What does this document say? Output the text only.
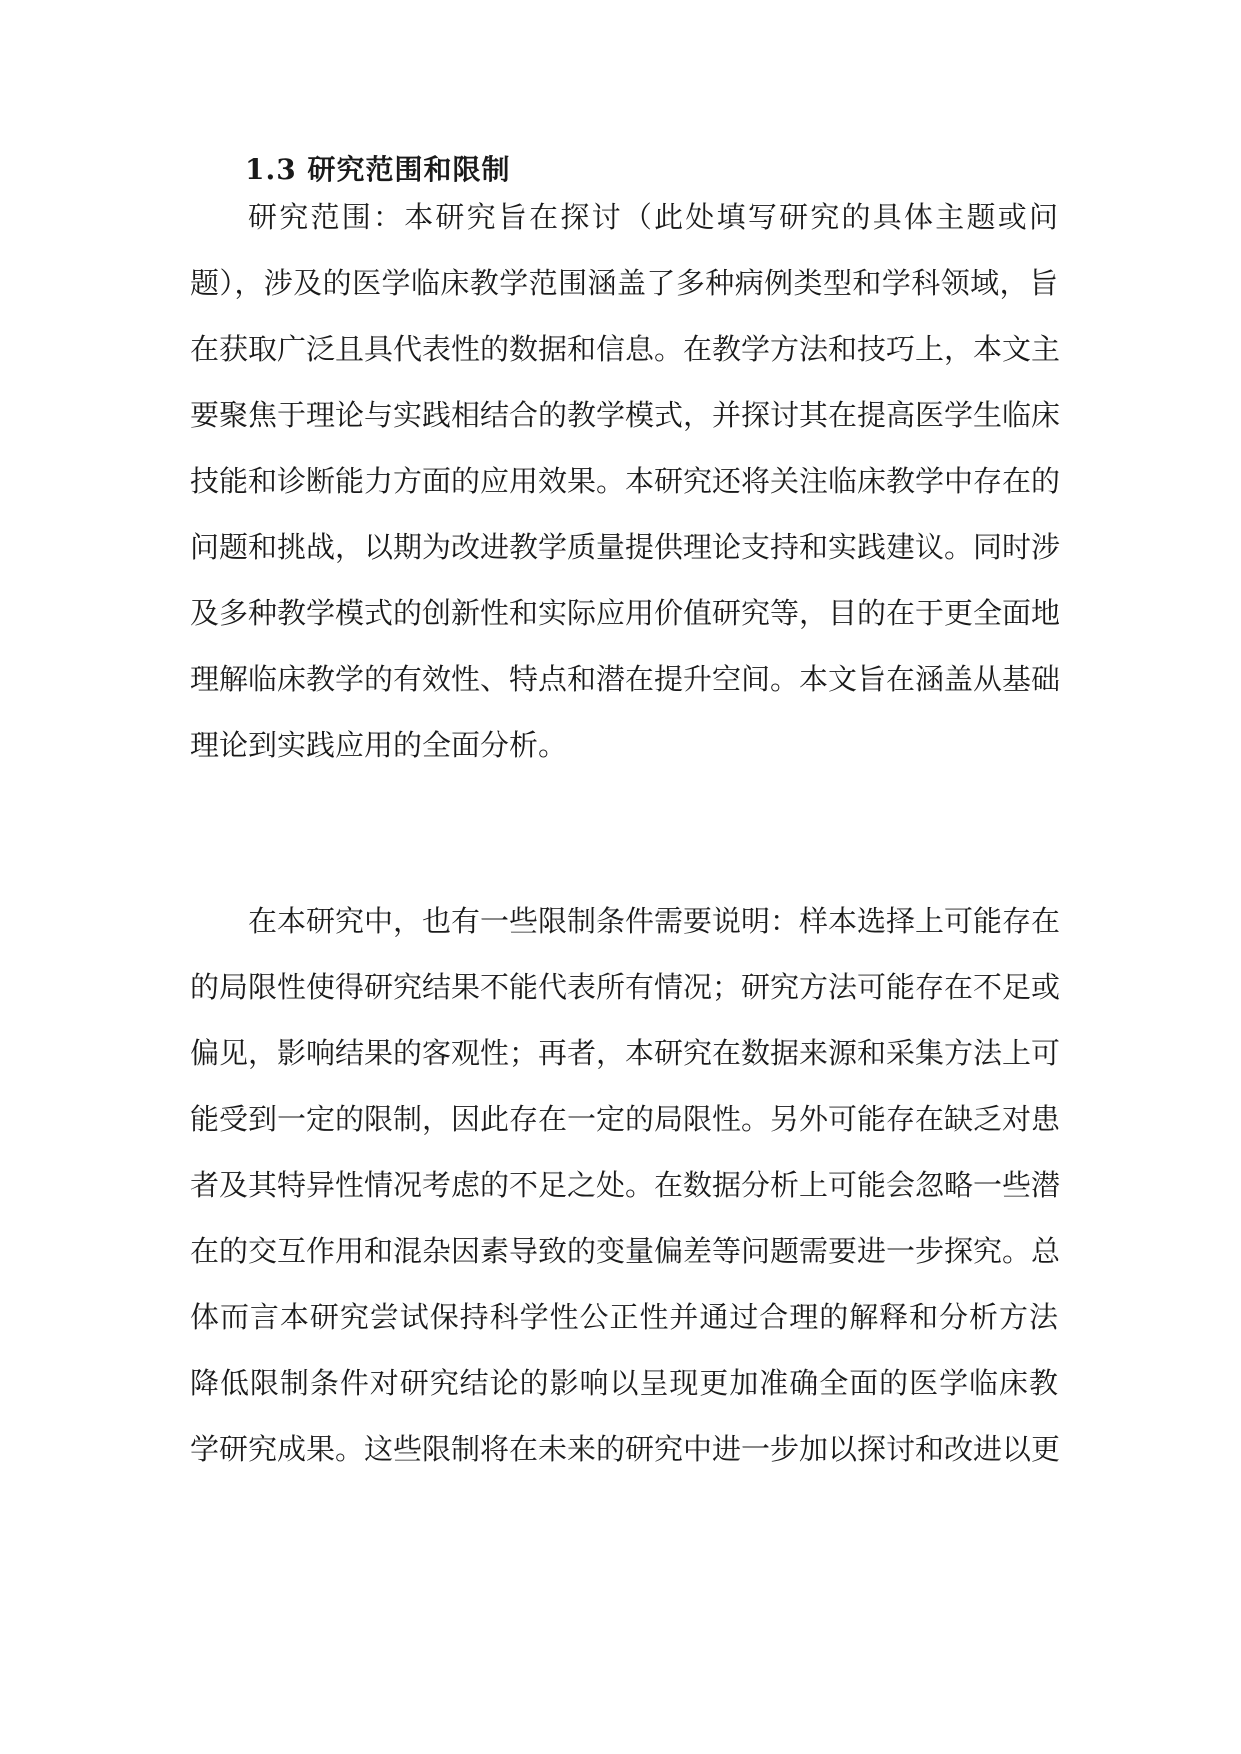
1.3 研究范围和限制
研究范围：本研究旨在探讨（此处填写研究的具体主题或问
题），涉及的医学临床教学范围涵盖了多种病例类型和学科领域，旨
在获取广泛且具代表性的数据和信息。在教学方法和技巧上，本文主
要聚焦于理论与实践相结合的教学模式，并探讨其在提高医学生临床
技能和诊断能力方面的应用效果。本研究还将关注临床教学中存在的
问题和挑战，以期为改进教学质量提供理论支持和实践建议。同时涉
及多种教学模式的创新性和实际应用价值研究等，目的在于更全面地
理解临床教学的有效性、特点和潜在提升空间。本文旨在涵盖从基础
理论到实践应用的全面分析。
在本研究中，也有一些限制条件需要说明：样本选择上可能存在
的局限性使得研究结果不能代表所有情况；研究方法可能存在不足或
偏见，影响结果的客观性；再者，本研究在数据来源和采集方法上可
能受到一定的限制，因此存在一定的局限性。另外可能存在缺乏对患
者及其特异性情况考虑的不足之处。在数据分析上可能会忽略一些潜
在的交互作用和混杂因素导致的变量偏差等问题需要进一步探究。总
体而言本研究尝试保持科学性公正性并通过合理的解释和分析方法
降低限制条件对研究结论的影响以呈现更加准确全面的医学临床教
学研究成果。这些限制将在未来的研究中进一步加以探讨和改进以更
